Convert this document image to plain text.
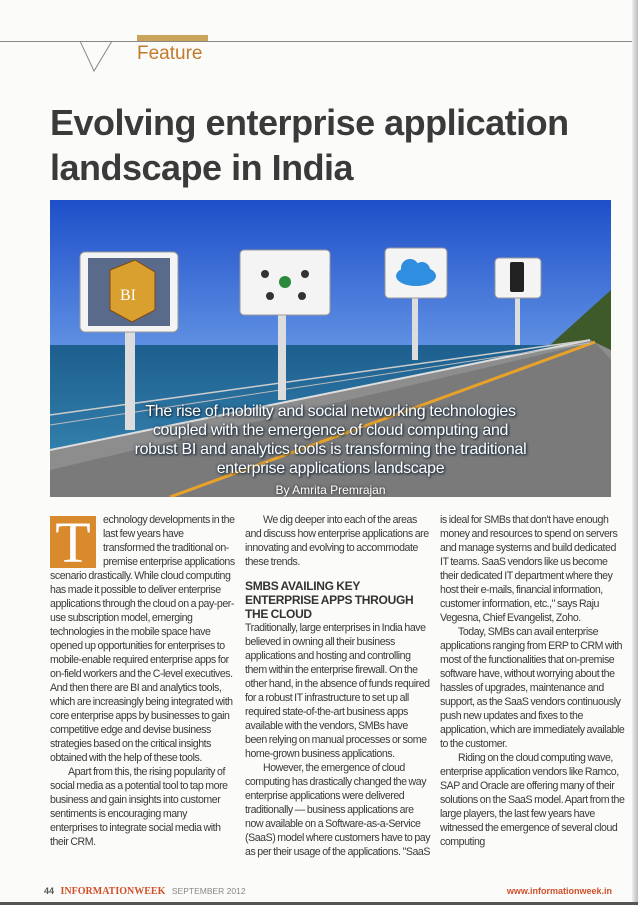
Feature
Evolving enterprise application
landscape in India
BI
The rise of mobility and social networking technologies
coupled with the emergence of cloud computing and
robust BI and analytics tools is transforming the traditional
enterprise applications landscape
By Amrita Premrajan
T	echnology developments in the last few years have transformed the traditional on-premise enterprise applications scenario drastically. While cloud computing has made it possible to deliver enterprise applications through the cloud on a pay-per-use subscription model, emerging technologies in the mobile space have opened up opportunities for enterprises to mobile-enable required enterprise apps for on-field workers and the C-level executives. And then there are BI and analytics tools, which are increasingly being integrated with core enterprise apps by businesses to gain competitive edge and devise business strategies based on the critical insights obtained with the help of these tools.

Apart from this, the rising popularity of social media as a potential tool to tap more business and gain insights into customer sentiments is encouraging many enterprises to integrate social media with their CRM.

We dig deeper into each of the areas and discuss how enterprise applications are innovating and evolving to accommodate these trends.

SMBS AVAILING KEY ENTERPRISE APPS THROUGH THE CLOUD

Traditionally, large enterprises in India have believed in owning all their business applications and hosting and controlling them within the enterprise firewall. On the other hand, in the absence of funds required for a robust IT infrastructure to set up all required state-of-the-art business apps available with the vendors, SMBs have been relying on manual processes or some home-grown business applications.

However, the emergence of cloud computing has drastically changed the way enterprise applications were delivered traditionally — business applications are now available on a Software-as-a-Service (SaaS) model where customers have to pay as per their usage of the applications. "SaaS

is ideal for SMBs that don't have enough money and resources to spend on servers and manage systems and build dedicated IT teams. SaaS vendors like us become their dedicated IT department where they host their e-mails, financial information, customer information, etc.," says Raju Vegesna, Chief Evangelist, Zoho.

Today, SMBs can avail enterprise applications ranging from ERP to CRM with most of the functionalities that on-premise software have, without worrying about the hassles of upgrades, maintenance and support, as the SaaS vendors continuously push new updates and fixes to the application, which are immediately available to the customer.

Riding on the cloud computing wave, enterprise application vendors like Ramco, SAP and Oracle are offering many of their solutions on the SaaS model. Apart from the large players, the last few years have witnessed the emergence of several cloud computing

44 INFORMATIONWEEK SEPTEMBER 2012	www.informationweek.in
